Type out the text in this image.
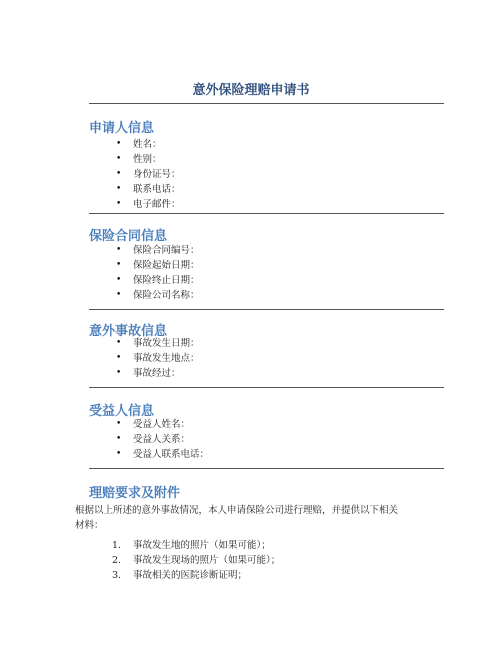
意外保险理赔申请书
申请人信息
• 姓名：
• 性别：
• 身份证号：
• 联系电话：
• 电子邮件：
保险合同信息
• 保险合同编号：
• 保险起始日期：
• 保险终止日期：
• 保险公司名称：
意外事故信息
• 事故发生日期：
• 事故发生地点：
• 事故经过：
受益人信息
• 受益人姓名：
• 受益人关系：
• 受益人联系电话：
理赔要求及附件

根据以上所述的意外事故情况，本人申请保险公司进行理赔，并提供以下相关

材料：

1. 事故发生地的照片（如果可能）；
2. 事故发生现场的照片（如果可能）；
3. 事故相关的医院诊断证明；
